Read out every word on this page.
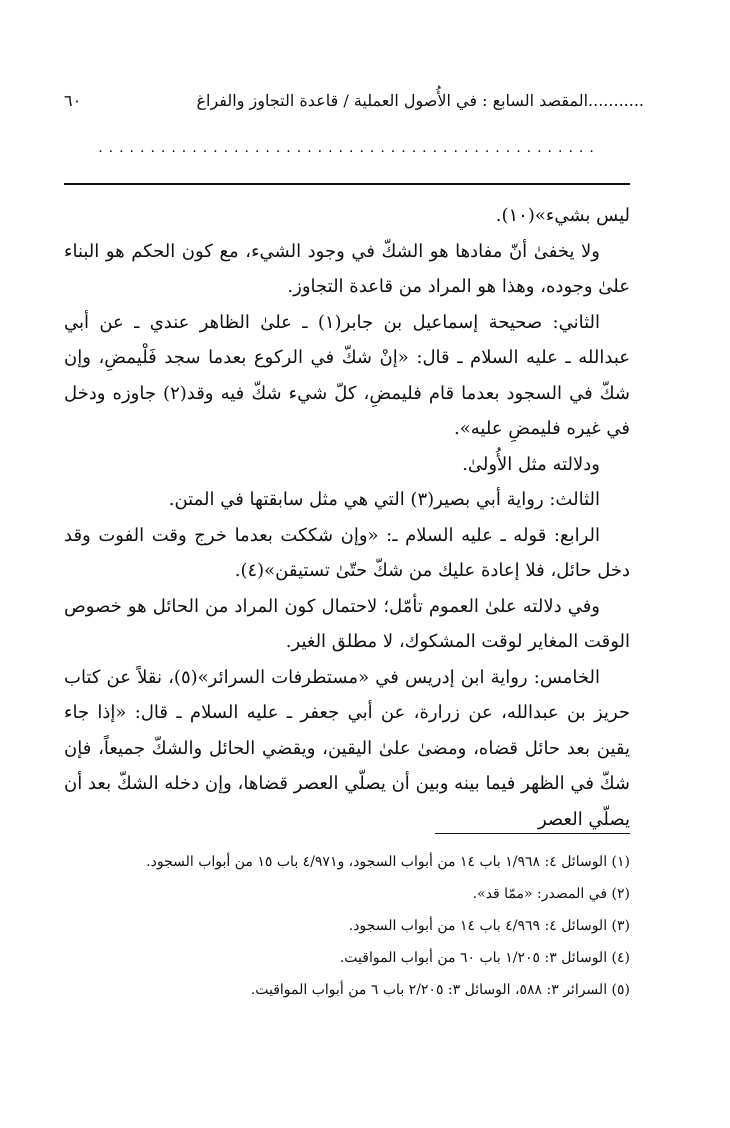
...........المقصد السابع : في الأُصول العملية / قاعدة التجاوز والفراغ
٦٠
................................................

ليس بشيء»(١٠).

ولا يخفىٰ أنّ مفادها هو الشكّ في وجود الشيء، مع كون الحكم هو البناء علىٰ وجوده، وهذا هو المراد من قاعدة التجاوز.

الثاني: صحيحة إسماعيل بن جابر(١) ـ علىٰ الظاهر عندي ـ عن أبي عبدالله ـ عليه السلام ـ قال: «إنْ شكّ في الركوع بعدما سجد فَلْيمضِ، وإن شكّ في السجود بعدما قام فليمضِ، كلّ شيء شكّ فيه وقد(٢) جاوزه ودخل في غيره فليمضِ عليه».

ودلالته مثل الأُولىٰ.

الثالث: رواية أبي بصير(٣) التي هي مثل سابقتها في المتن.

الرابع: قوله ـ عليه السلام ـ: «وإن شككت بعدما خرج وقت الفوت وقد دخل حائل، فلا إعادة عليك من شكّ حتّىٰ تستيقن»(٤).

وفي دلالته علىٰ العموم تأمّل؛ لاحتمال كون المراد من الحائل هو خصوص الوقت المغاير لوقت المشكوك، لا مطلق الغير.

الخامس: رواية ابن إدريس في «مستطرفات السرائر»(٥)، نقلاً عن كتاب حريز بن عبدالله، عن زرارة، عن أبي جعفر ـ عليه السلام ـ قال: «إذا جاء يقين بعد حائل قضاه، ومضىٰ علىٰ اليقين، ويقضي الحائل والشكّ جميعاً، فإن شكّ في الظهر فيما بينه وبين أن يصلّي العصر قضاها، وإن دخله الشكّ بعد أن يصلّي العصر

(١) الوسائل ٤: ١/٩٦٨ باب ١٤ من أبواب السجود، و٤/٩٧١ باب ١٥ من أبواب السجود.

(٢) في المصدر: «ممّا قد».

(٣) الوسائل ٤: ٤/٩٦٩ باب ١٤ من أبواب السجود.

(٤) الوسائل ٣: ١/٢٠٥ باب ٦٠ من أبواب المواقيت.

(٥) السرائر ٣: ٥٨٨، الوسائل ٣: ٢/٢٠٥ باب ٦ من أبواب المواقيت.
